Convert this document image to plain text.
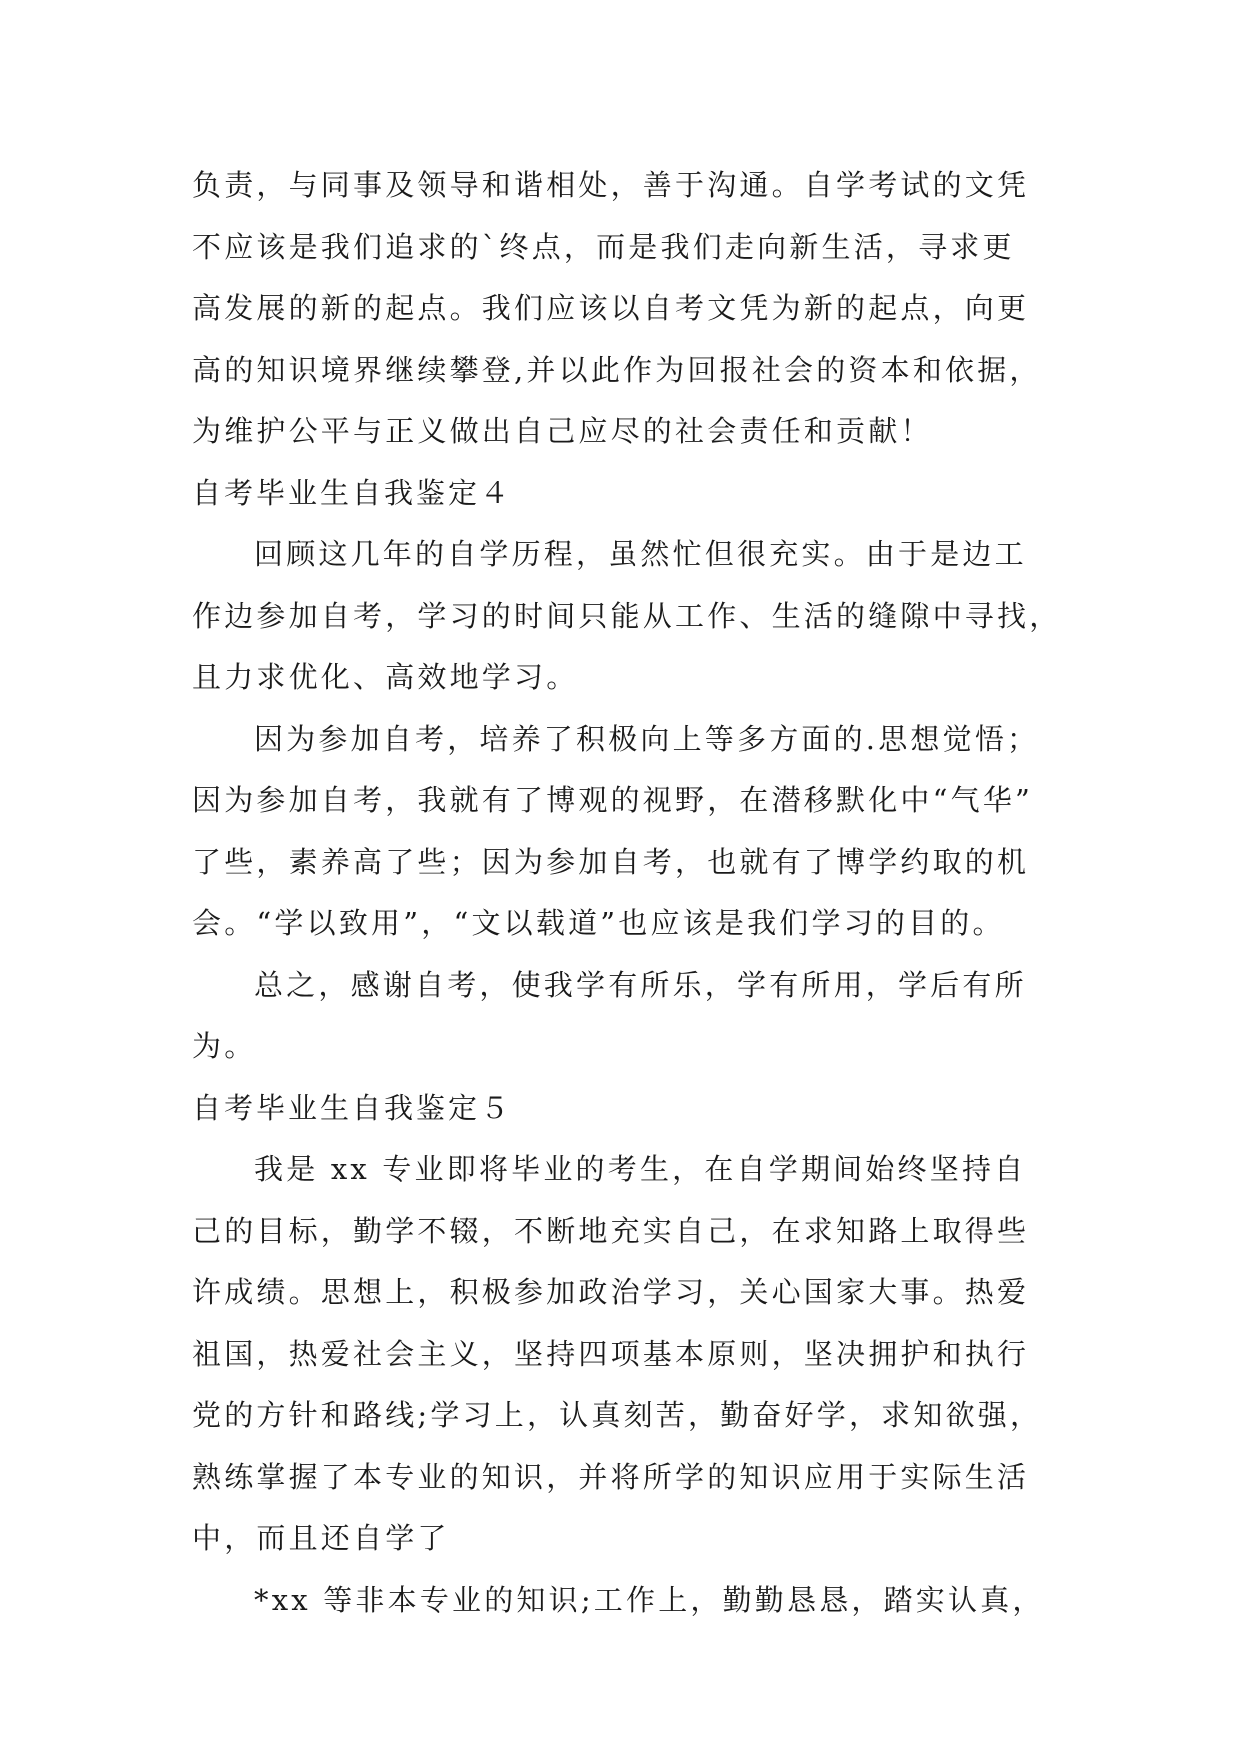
负责，与同事及领导和谐相处，善于沟通。自学考试的文凭
不应该是我们追求的`终点，而是我们走向新生活，寻求更
高发展的新的起点。我们应该以自考文凭为新的起点，向更
高的知识境界继续攀登,并以此作为回报社会的资本和依据，
为维护公平与正义做出自己应尽的社会责任和贡献！
自考毕业生自我鉴定４
回顾这几年的自学历程，虽然忙但很充实。由于是边工
作边参加自考，学习的时间只能从工作、生活的缝隙中寻找，
且力求优化、高效地学习。
因为参加自考，培养了积极向上等多方面的.思想觉悟；
因为参加自考，我就有了博观的视野，在潜移默化中“气华”
了些，素养高了些；因为参加自考，也就有了博学约取的机
会。“学以致用”，“文以载道”也应该是我们学习的目的。
总之，感谢自考，使我学有所乐，学有所用，学后有所
为。
自考毕业生自我鉴定５
我是 xx 专业即将毕业的考生，在自学期间始终坚持自
己的目标，勤学不辍，不断地充实自己，在求知路上取得些
许成绩。思想上，积极参加政治学习，关心国家大事。热爱
祖国，热爱社会主义，坚持四项基本原则，坚决拥护和执行
党的方针和路线;学习上，认真刻苦，勤奋好学，求知欲强，
熟练掌握了本专业的知识，并将所学的知识应用于实际生活
中，而且还自学了
*xx 等非本专业的知识;工作上，勤勤恳恳，踏实认真，
